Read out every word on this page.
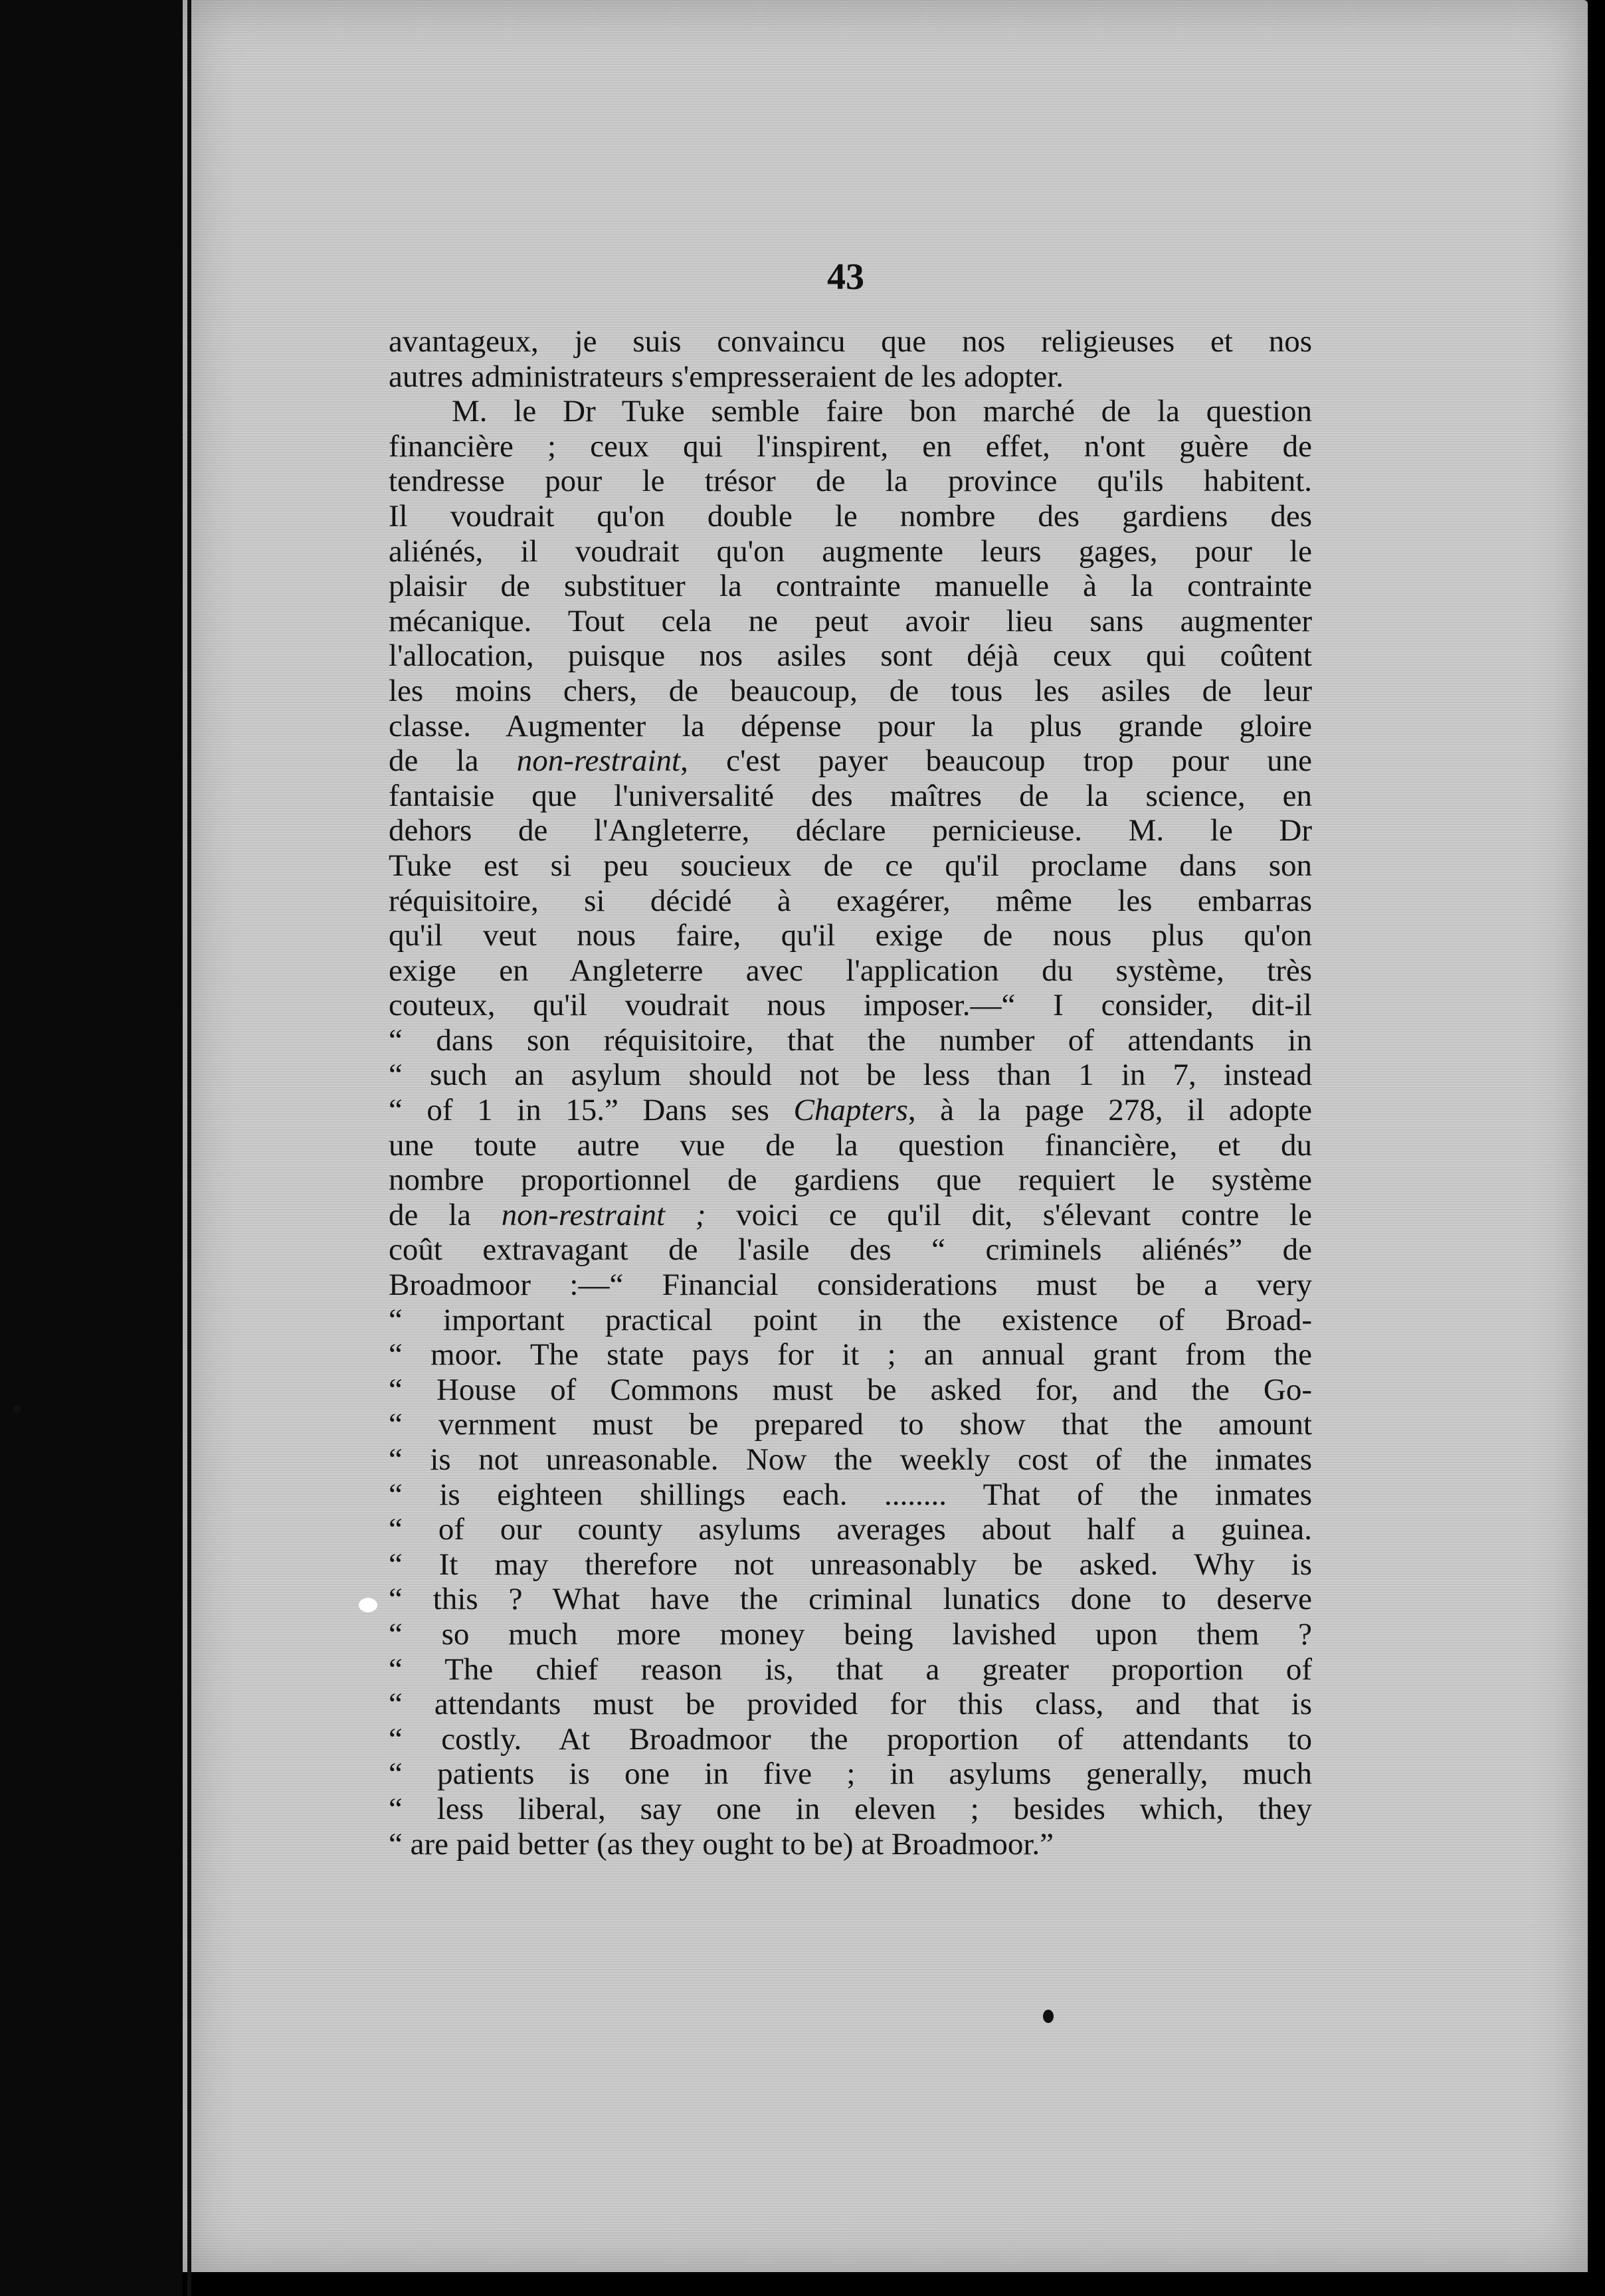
43
avantageux, je suis convaincu que nos religieuses et nos
autres administrateurs s'empresseraient de les adopter.
M. le Dr Tuke semble faire bon marché de la question
financière ; ceux qui l'inspirent, en effet, n'ont guère de
tendresse pour le trésor de la province qu'ils habitent.
Il voudrait qu'on double le nombre des gardiens des
aliénés, il voudrait qu'on augmente leurs gages, pour le
plaisir de substituer la contrainte manuelle à la contrainte
mécanique. Tout cela ne peut avoir lieu sans augmenter
l'allocation, puisque nos asiles sont déjà ceux qui coûtent
les moins chers, de beaucoup, de tous les asiles de leur
classe. Augmenter la dépense pour la plus grande gloire
de la non-restraint, c'est payer beaucoup trop pour une
fantaisie que l'universalité des maîtres de la science, en
dehors de l'Angleterre, déclare pernicieuse. M. le Dr
Tuke est si peu soucieux de ce qu'il proclame dans son
réquisitoire, si décidé à exagérer, même les embarras
qu'il veut nous faire, qu'il exige de nous plus qu'on
exige en Angleterre avec l'application du système, très
couteux, qu'il voudrait nous imposer.—“ I consider, dit-il
“ dans son réquisitoire, that the number of attendants in
“ such an asylum should not be less than 1 in 7, instead
“ of 1 in 15.” Dans ses Chapters, à la page 278, il adopte
une toute autre vue de la question financière, et du
nombre proportionnel de gardiens que requiert le système
de la non-restraint ; voici ce qu'il dit, s'élevant contre le
coût extravagant de l'asile des “ criminels aliénés” de
Broadmoor :—“ Financial considerations must be a very
“ important practical point in the existence of Broad-
“ moor. The state pays for it ; an annual grant from the
“ House of Commons must be asked for, and the Go-
“ vernment must be prepared to show that the amount
“ is not unreasonable. Now the weekly cost of the inmates
“ is eighteen shillings each. ........ That of the inmates
“ of our county asylums averages about half a guinea.
“ It may therefore not unreasonably be asked. Why is
“ this ? What have the criminal lunatics done to deserve
“ so much more money being lavished upon them ?
“ The chief reason is, that a greater proportion of
“ attendants must be provided for this class, and that is
“ costly. At Broadmoor the proportion of attendants to
“ patients is one in five ; in asylums generally, much
“ less liberal, say one in eleven ; besides which, they
“ are paid better (as they ought to be) at Broadmoor.”
